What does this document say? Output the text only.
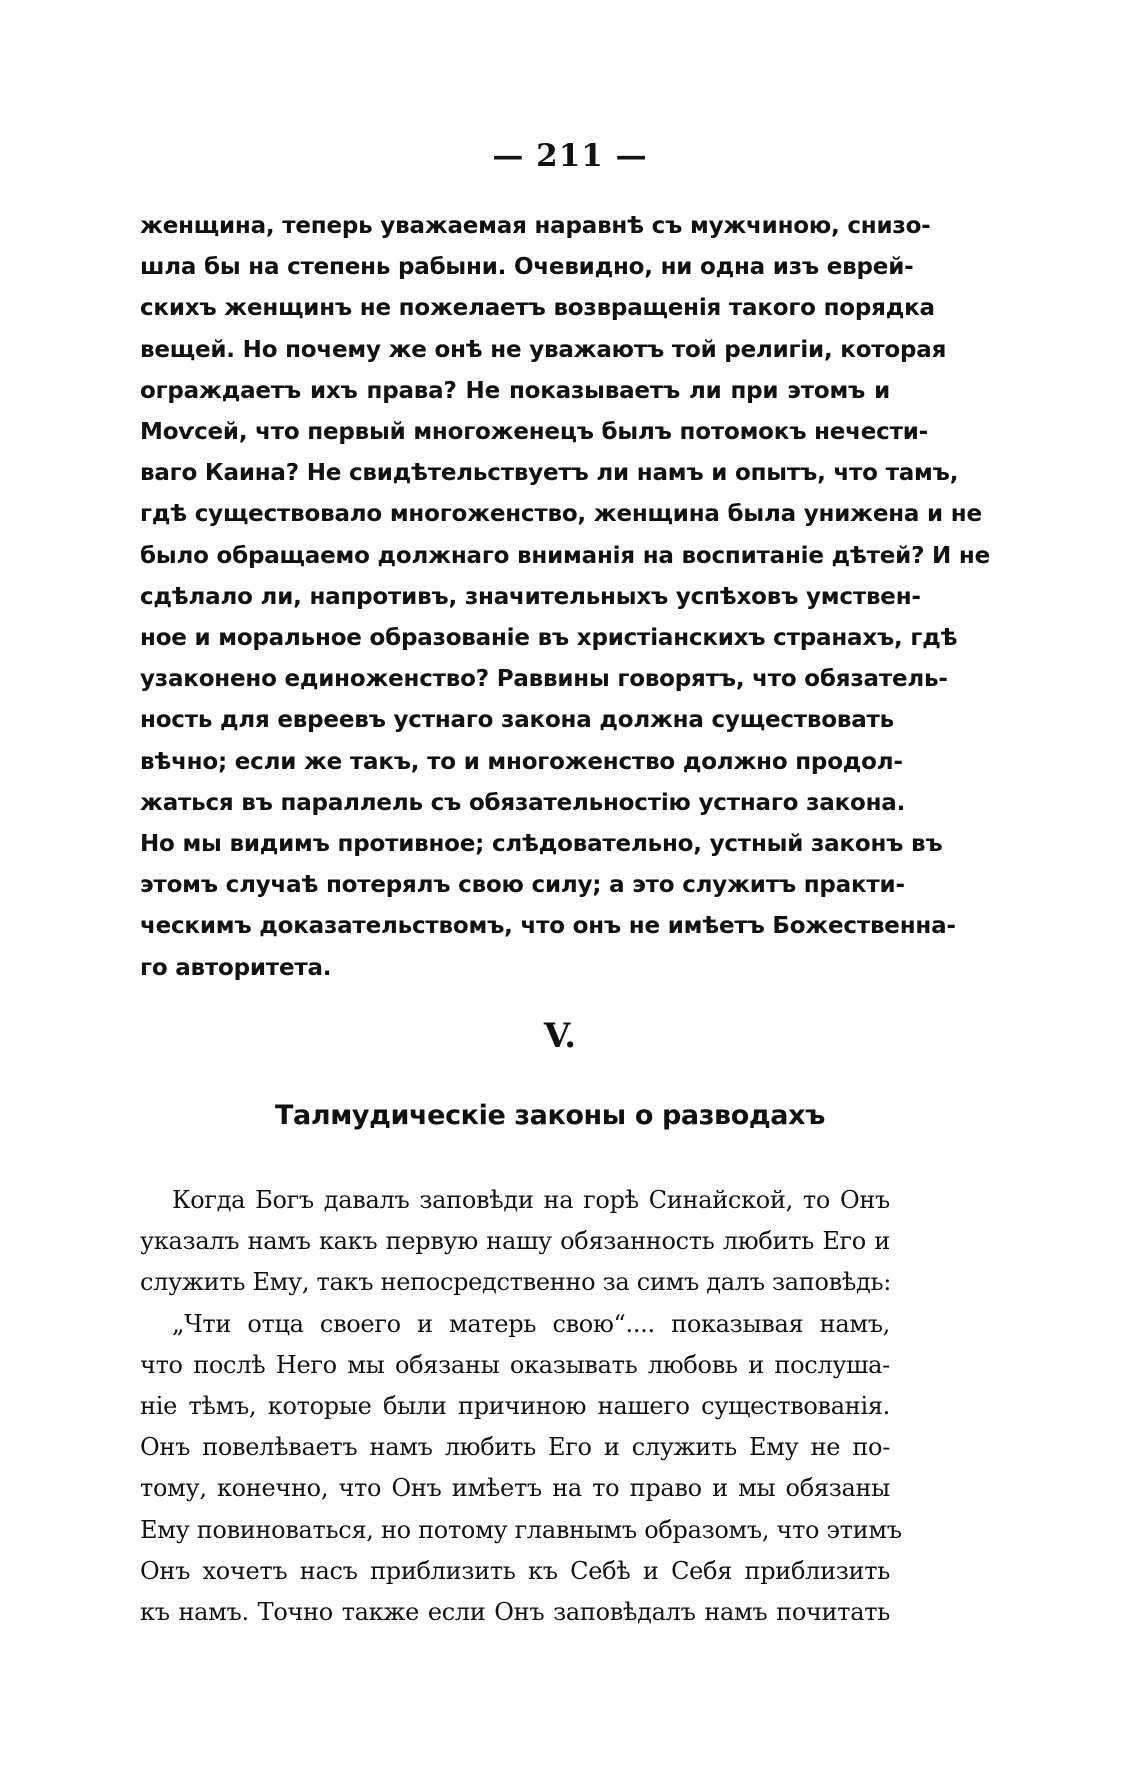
— 211 —
женщина, теперь уважаемая наравнѣ съ мужчиною, снизо-
шла бы на степень рабыни. Очевидно, ни одна изъ еврей-
скихъ женщинъ не пожелаетъ возвращенія такого порядка
вещей. Но почему же онѣ не уважаютъ той религіи, которая
ограждаетъ ихъ права? Не показываетъ ли при этомъ и
Моѵсей, что первый многоженецъ былъ потомокъ нечести-
ваго Каина? Не свидѣтельствуетъ ли намъ и опытъ, что тамъ,
гдѣ существовало многоженство, женщина была унижена и не
было обращаемо должнаго вниманія на воспитаніе дѣтей? И не
сдѣлало ли, напротивъ, значительныхъ успѣховъ умствен-
ное и моральное образованіе въ христіанскихъ странахъ, гдѣ
узаконено единоженство? Раввины говорятъ, что обязатель-
ность для евреевъ устнаго закона должна существовать
вѣчно; если же такъ, то и многоженство должно продол-
жаться въ параллель съ обязательностію устнаго закона.
Но мы видимъ противное; слѣдовательно, устный законъ въ
этомъ случаѣ потерялъ свою силу; а это служитъ практи-
ческимъ доказательствомъ, что онъ не имѣетъ Божественна-
го авторитета.
V.
Талмудическіе законы о разводахъ
Когда Богъ давалъ заповѣди на горѣ Синайской, то Онъ
указалъ намъ какъ первую нашу обязанность любить Его и
служить Ему, такъ непосредственно за симъ далъ заповѣдь:
„Чти отца своего и матерь свою“.... показывая намъ,
что послѣ Него мы обязаны оказывать любовь и послуша-
ніе тѣмъ, которые были причиною нашего существованія.
Онъ повелѣваетъ намъ любить Его и служить Ему не по-
тому, конечно, что Онъ имѣетъ на то право и мы обязаны
Ему повиноваться, но потому главнымъ образомъ, что этимъ
Онъ хочетъ насъ приблизить къ Себѣ и Себя приблизить
къ намъ. Точно также если Онъ заповѣдалъ намъ почитать
